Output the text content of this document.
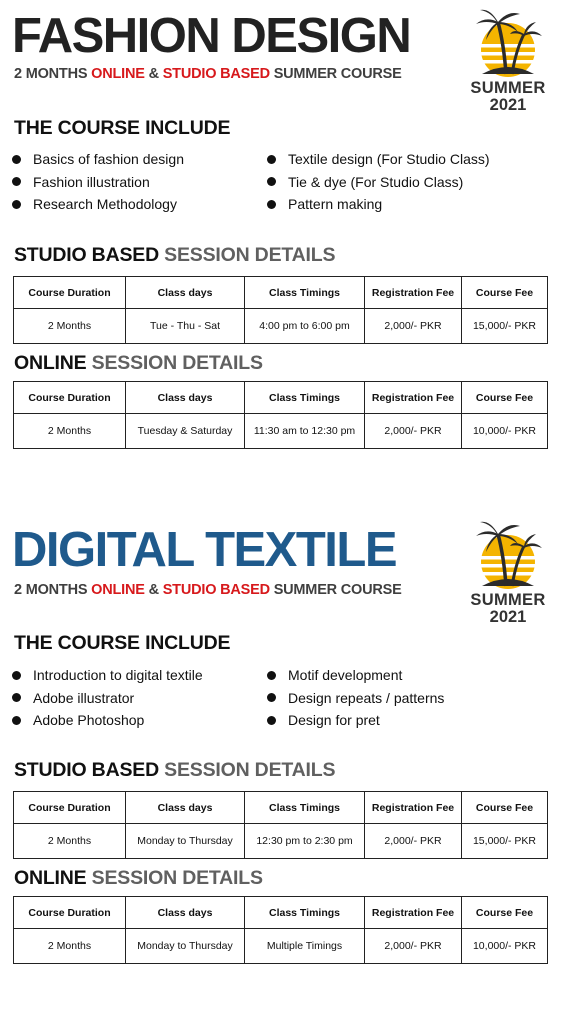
FASHION DESIGN
2 MONTHS ONLINE & STUDIO BASED SUMMER COURSE
SUMMER
2021
THE COURSE INCLUDE
Basics of fashion design	Textile design (For Studio Class)
Fashion illustration	Tie & dye (For Studio Class)
Research Methodology	Pattern making
STUDIO BASED SESSION DETAILS
Course Duration	Class days	Class Timings	Registration Fee	Course Fee
2 Months	Tue - Thu - Sat	4:00 pm to 6:00 pm	2,000/- PKR	15,000/- PKR
ONLINE SESSION DETAILS
Course Duration	Class days	Class Timings	Registration Fee	Course Fee
2 Months	Tuesday & Saturday	11:30 am to 12:30 pm	2,000/- PKR	10,000/- PKR
DIGITAL TEXTILE
2 MONTHS ONLINE & STUDIO BASED SUMMER COURSE
SUMMER
2021
THE COURSE INCLUDE
Introduction to digital textile	Motif development
Adobe illustrator	Design repeats / patterns
Adobe Photoshop	Design for pret
STUDIO BASED SESSION DETAILS
Course Duration	Class days	Class Timings	Registration Fee	Course Fee
2 Months	Monday to Thursday	12:30 pm to 2:30 pm	2,000/- PKR	15,000/- PKR
ONLINE SESSION DETAILS
Course Duration	Class days	Class Timings	Registration Fee	Course Fee
2 Months	Monday to Thursday	Multiple Timings	2,000/- PKR	10,000/- PKR
